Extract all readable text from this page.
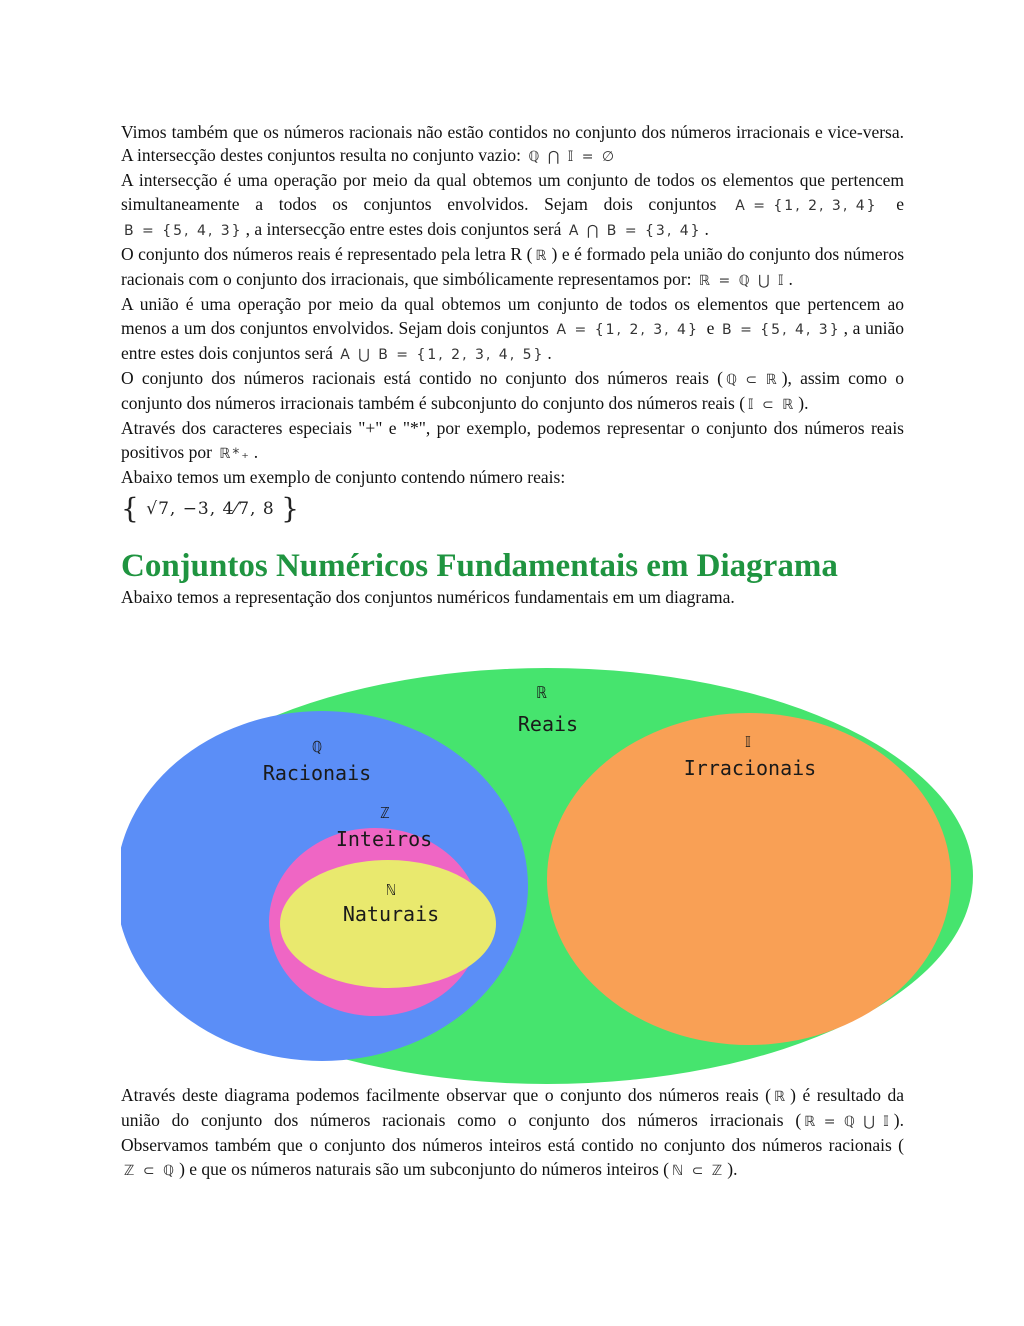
Vimos também que os números racionais não estão contidos no conjunto dos números irracionais e vice-versa. A intersecção destes conjuntos resulta no conjunto vazio: ℚ ⋂ 𝕀 = ∅

A intersecção é uma operação por meio da qual obtemos um conjunto de todos os elementos que pertencem simultaneamente a todos os conjuntos envolvidos. Sejam dois conjuntos A = {1, 2, 3, 4} e B = {5, 4, 3} , a intersecção entre estes dois conjuntos será A ⋂ B = {3, 4} .

O conjunto dos números reais é representado pela letra R ( ℝ ) e é formado pela união do conjunto dos números racionais com o conjunto dos irracionais, que simbólicamente representamos por: ℝ = ℚ ⋃ 𝕀 .

A união é uma operação por meio da qual obtemos um conjunto de todos os elementos que pertencem ao menos a um dos conjuntos envolvidos. Sejam dois conjuntos A = {1, 2, 3, 4} e B = {5, 4, 3} , a união entre estes dois conjuntos será A ⋃ B = {1, 2, 3, 4, 5} .

O conjunto dos números racionais está contido no conjunto dos números reais ( ℚ ⊂ ℝ ), assim como o conjunto dos números irracionais também é subconjunto do conjunto dos números reais ( 𝕀 ⊂ ℝ ).

Através dos caracteres especiais "+" e "*", por exemplo, podemos representar o conjunto dos números reais positivos por ℝ*₊ .

Abaixo temos um exemplo de conjunto contendo número reais:

{ √7, −3, 4⁄7, 8 }
Conjuntos Numéricos Fundamentais em Diagrama

Abaixo temos a representação dos conjuntos numéricos fundamentais em um diagrama.

ℝ
Reais
ℚ
Racionais
ℤ
Inteiros
ℕ
Naturais
𝕀
Irracionais

Através deste diagrama podemos facilmente observar que o conjunto dos números reais ( ℝ ) é resultado da união do conjunto dos números racionais como o conjunto dos números irracionais ( ℝ = ℚ ⋃ 𝕀 ). Observamos também que o conjunto dos números inteiros está contido no conjunto dos números racionais (ℤ ⊂ ℚ ) e que os números naturais são um subconjunto do números inteiros ( ℕ ⊂ ℤ ).
